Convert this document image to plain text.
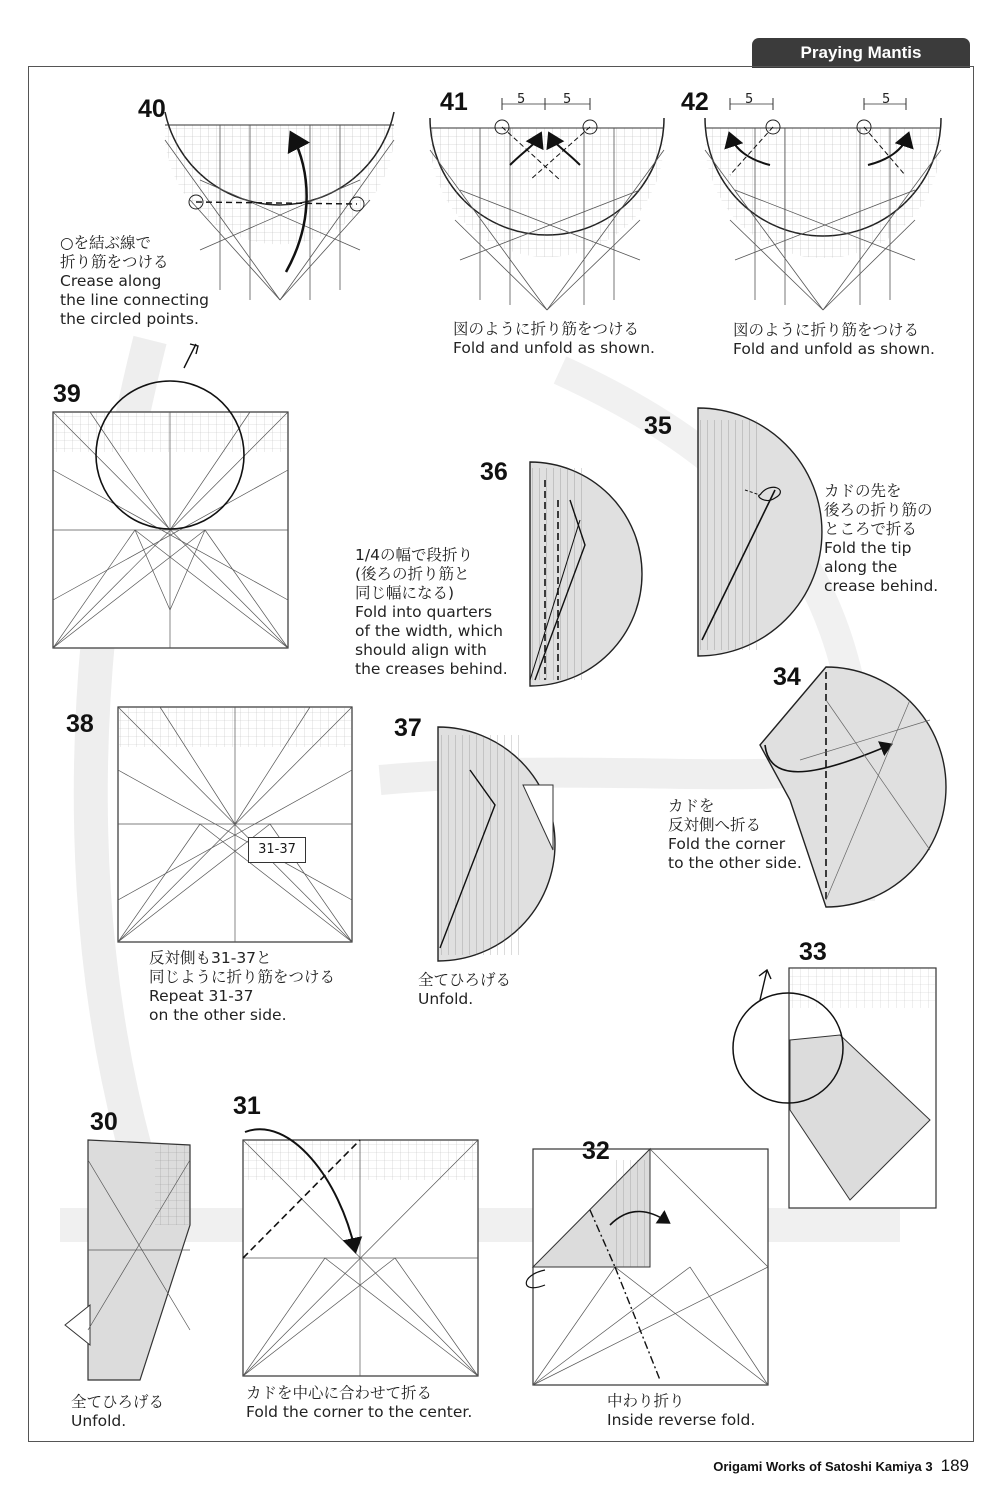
Praying Mantis
40	41	42
39
35
36
34
38	37
33
31
30
32
5	5	5	5
31-37
○を結ぶ線で
折り筋をつける
Crease along
the line connecting
the circled points.
図のように折り筋をつける
Fold and unfold as shown.
図のように折り筋をつける
Fold and unfold as shown.
カドの先を
後ろの折り筋の
ところで折る
Fold the tip
along the
crease behind.
1/4の幅で段折り
(後ろの折り筋と
同じ幅になる)
Fold into quarters
of the width, which
should align with
the creases behind.
カドを
反対側へ折る
Fold the corner
to the other side.
反対側も31-37と
同じように折り筋をつける
Repeat 31-37
on the other side.
全てひろげる
Unfold.
全てひろげる
Unfold.
カドを中心に合わせて折る
Fold the corner to the center.
中わり折り
Inside reverse fold.
Origami Works of Satoshi Kamiya 3 189
